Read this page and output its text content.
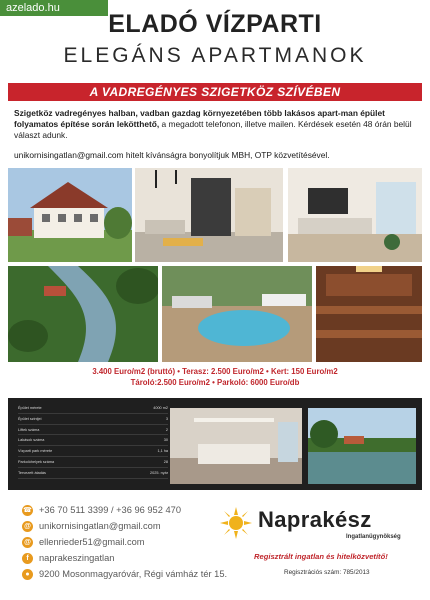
azelado.hu
ELADÓ VÍZPARTI
ELEGÁNS APARTMANOK
A VADREGÉNYES SZIGETKÖZ SZÍVÉBEN
Szigetköz vadregényes halban, vadban gazdag környezetében több lakásos apart-man épület folyamatos építése során lekötthető, a megadott telefonon, illetve mailen. Kérdések esetén 48 órán belül választ adunk.
unikornisingatlan@gmail.com hitelt kívánságra bonyolítjuk MBH, OTP közvetítésével.
3.400 Euro/m2 (bruttó) • Terasz: 2.500 Euro/m2 • Kert: 150 Euro/m2
Tároló:2.500 Euro/m2 • Parkoló: 6000 Euro/db
Épület mérete	4000 m2
Épület szintjei	3
Liftek száma	2
Lakások száma	30
Vízparti park mérete	1,1 ha
Parkolóhelyek száma	28
Tervezett átadás	2025. nyár
☎ +36 70 511 3399 / +36 96 952 470
@ unikornisingatlan@gmail.com
@ ellenrieder51@gmail.com
f	naprakeszingatlan
●	9200 Mosonmagyaróvár, Régi vámház tér 15.
Naprakész
Ingatlanügynökség
Regisztrált ingatlan és hitelközvetítő!
Regisztrációs szám: 785/2013
